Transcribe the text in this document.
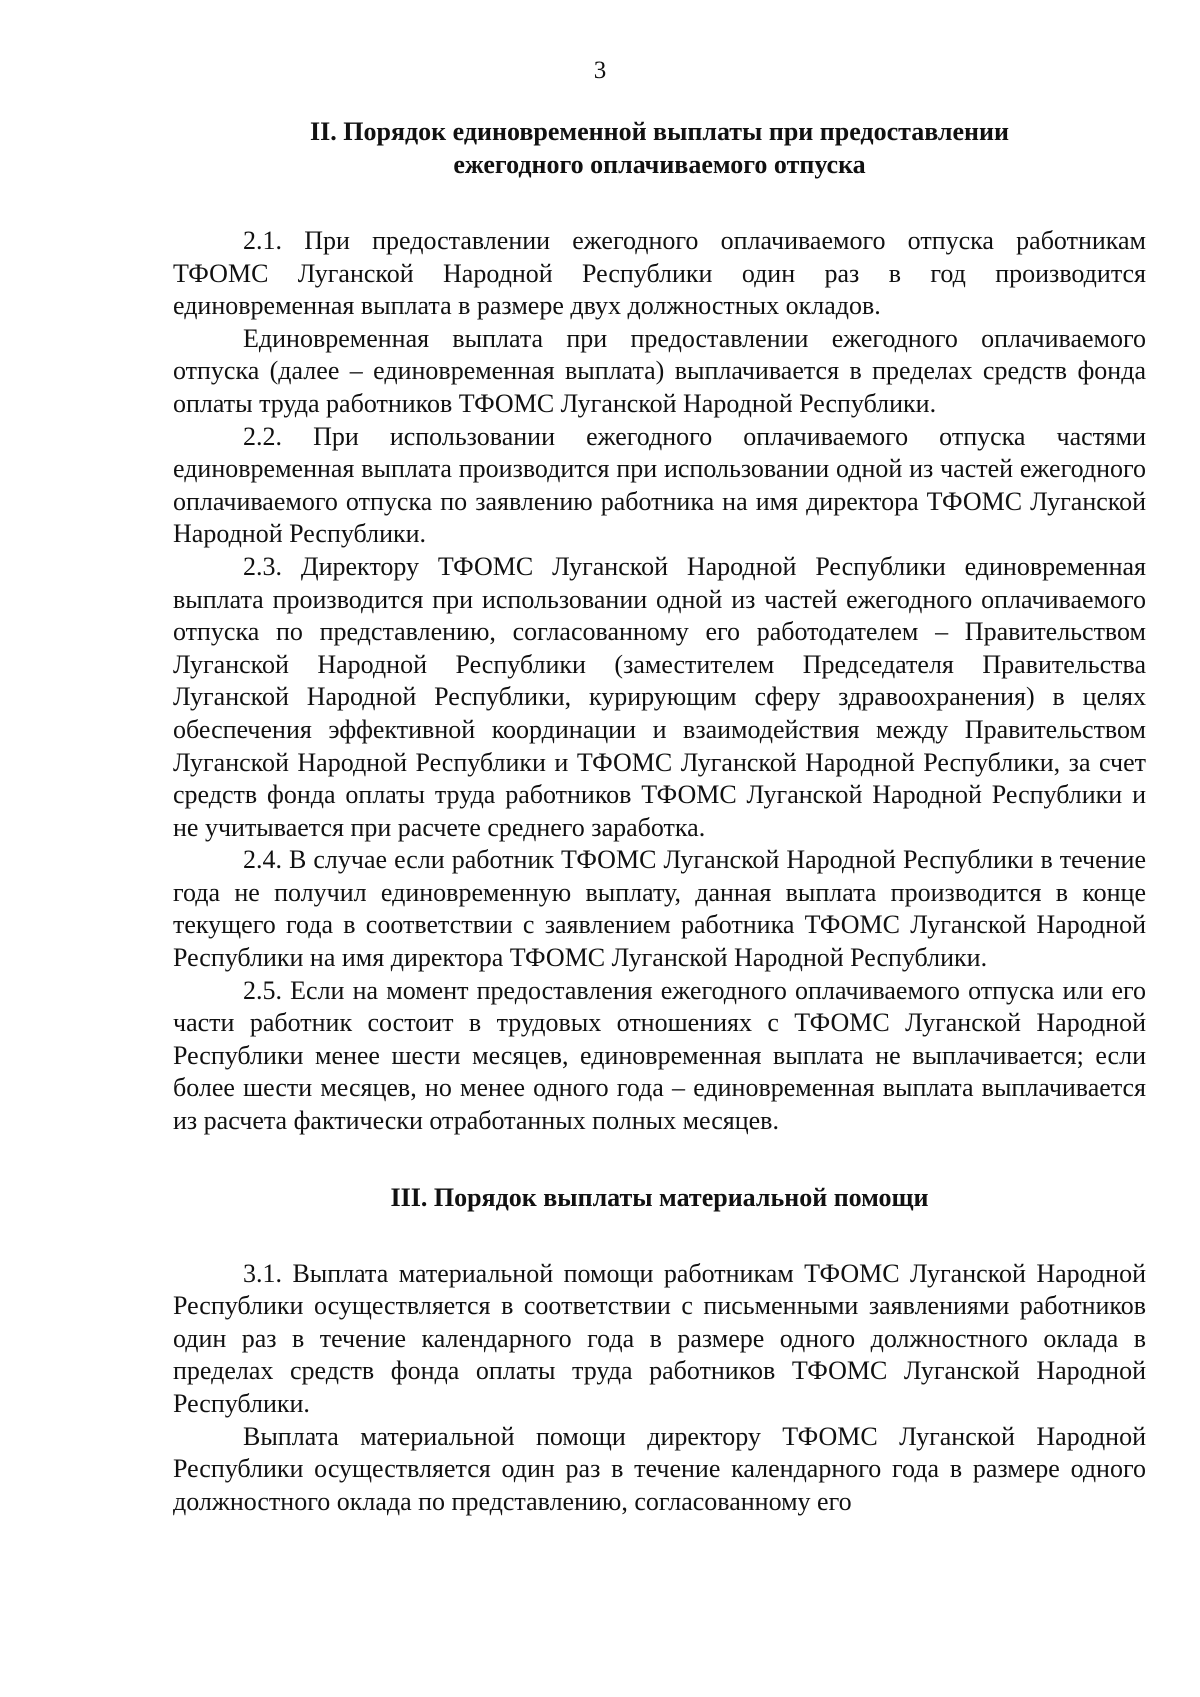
3
II. Порядок единовременной выплаты при предоставлении
ежегодного оплачиваемого отпуска

2.1. При предоставлении ежегодного оплачиваемого отпуска работникам ТФОМС Луганской Народной Республики один раз в год производится единовременная выплата в размере двух должностных окладов.

Единовременная выплата при предоставлении ежегодного оплачиваемого отпуска (далее – единовременная выплата) выплачивается в пределах средств фонда оплаты труда работников ТФОМС Луганской Народной Республики.

2.2. При использовании ежегодного оплачиваемого отпуска частями единовременная выплата производится при использовании одной из частей ежегодного оплачиваемого отпуска по заявлению работника на имя директора ТФОМС Луганской Народной Республики.

2.3. Директору ТФОМС Луганской Народной Республики единовременная выплата производится при использовании одной из частей ежегодного оплачиваемого отпуска по представлению, согласованному его работодателем – Правительством Луганской Народной Республики (заместителем Председателя Правительства Луганской Народной Республики, курирующим сферу здравоохранения) в целях обеспечения эффективной координации и взаимодействия между Правительством Луганской Народной Республики и ТФОМС Луганской Народной Республики, за счет средств фонда оплаты труда работников ТФОМС Луганской Народной Республики и не учитывается при расчете среднего заработка.

2.4. В случае если работник ТФОМС Луганской Народной Республики в течение года не получил единовременную выплату, данная выплата производится в конце текущего года в соответствии с заявлением работника ТФОМС Луганской Народной Республики на имя директора ТФОМС Луганской Народной Республики.

2.5. Если на момент предоставления ежегодного оплачиваемого отпуска или его части работник состоит в трудовых отношениях с ТФОМС Луганской Народной Республики менее шести месяцев, единовременная выплата не выплачивается; если более шести месяцев, но менее одного года – единовременная выплата выплачивается из расчета фактически отработанных полных месяцев.

III. Порядок выплаты материальной помощи

3.1. Выплата материальной помощи работникам ТФОМС Луганской Народной Республики осуществляется в соответствии с письменными заявлениями работников один раз в течение календарного года в размере одного должностного оклада в пределах средств фонда оплаты труда работников ТФОМС Луганской Народной Республики.

Выплата материальной помощи директору ТФОМС Луганской Народной Республики осуществляется один раз в течение календарного года в размере одного должностного оклада по представлению, согласованному его
